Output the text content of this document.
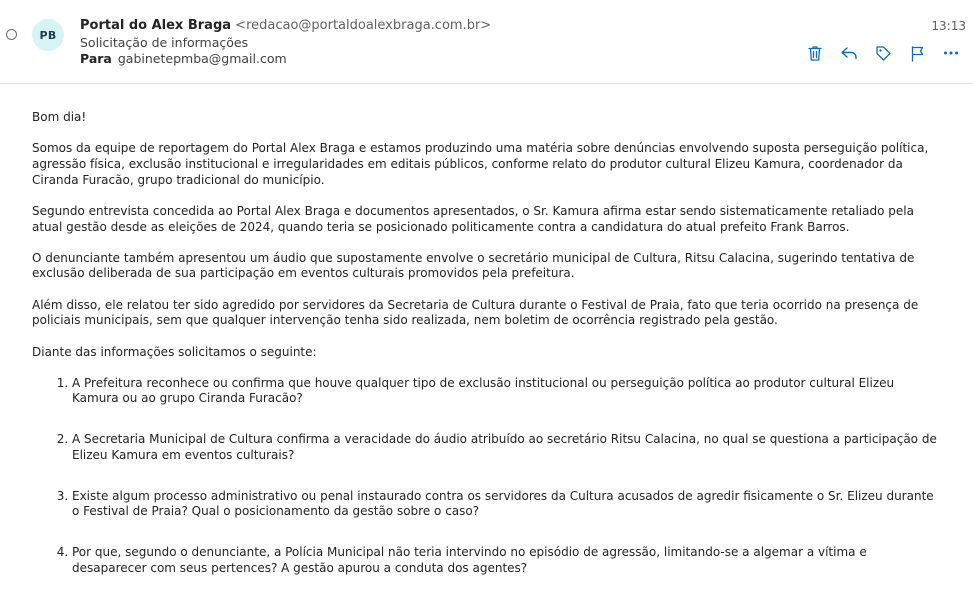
PB
Portal do Alex Braga <redacao@portaldoalexbraga.com.br>
Solicitação de informações
Para gabinetepmba@gmail.com
13:13

Bom dia!

Somos da equipe de reportagem do Portal Alex Braga e estamos produzindo uma matéria sobre denúncias envolvendo suposta perseguição política, agressão física, exclusão institucional e irregularidades em editais públicos, conforme relato do produtor cultural Elizeu Kamura, coordenador da Ciranda Furacão, grupo tradicional do município.

Segundo entrevista concedida ao Portal Alex Braga e documentos apresentados, o Sr. Kamura afirma estar sendo sistematicamente retaliado pela atual gestão desde as eleições de 2024, quando teria se posicionado politicamente contra a candidatura do atual prefeito Frank Barros.

O denunciante também apresentou um áudio que supostamente envolve o secretário municipal de Cultura, Ritsu Calacina, sugerindo tentativa de exclusão deliberada de sua participação em eventos culturais promovidos pela prefeitura.

Além disso, ele relatou ter sido agredido por servidores da Secretaria de Cultura durante o Festival de Praia, fato que teria ocorrido na presença de policiais municipais, sem que qualquer intervenção tenha sido realizada, nem boletim de ocorrência registrado pela gestão.

Diante das informações solicitamos o seguinte:

1. A Prefeitura reconhece ou confirma que houve qualquer tipo de exclusão institucional ou perseguição política ao produtor cultural Elizeu Kamura ou ao grupo Ciranda Furacão?
2. A Secretaria Municipal de Cultura confirma a veracidade do áudio atribuído ao secretário Ritsu Calacina, no qual se questiona a participação de Elizeu Kamura em eventos culturais?
3. Existe algum processo administrativo ou penal instaurado contra os servidores da Cultura acusados de agredir fisicamente o Sr. Elizeu durante o Festival de Praia? Qual o posicionamento da gestão sobre o caso?
4. Por que, segundo o denunciante, a Polícia Municipal não teria intervindo no episódio de agressão, limitando-se a algemar a vítima e desaparecer com seus pertences? A gestão apurou a conduta dos agentes?
